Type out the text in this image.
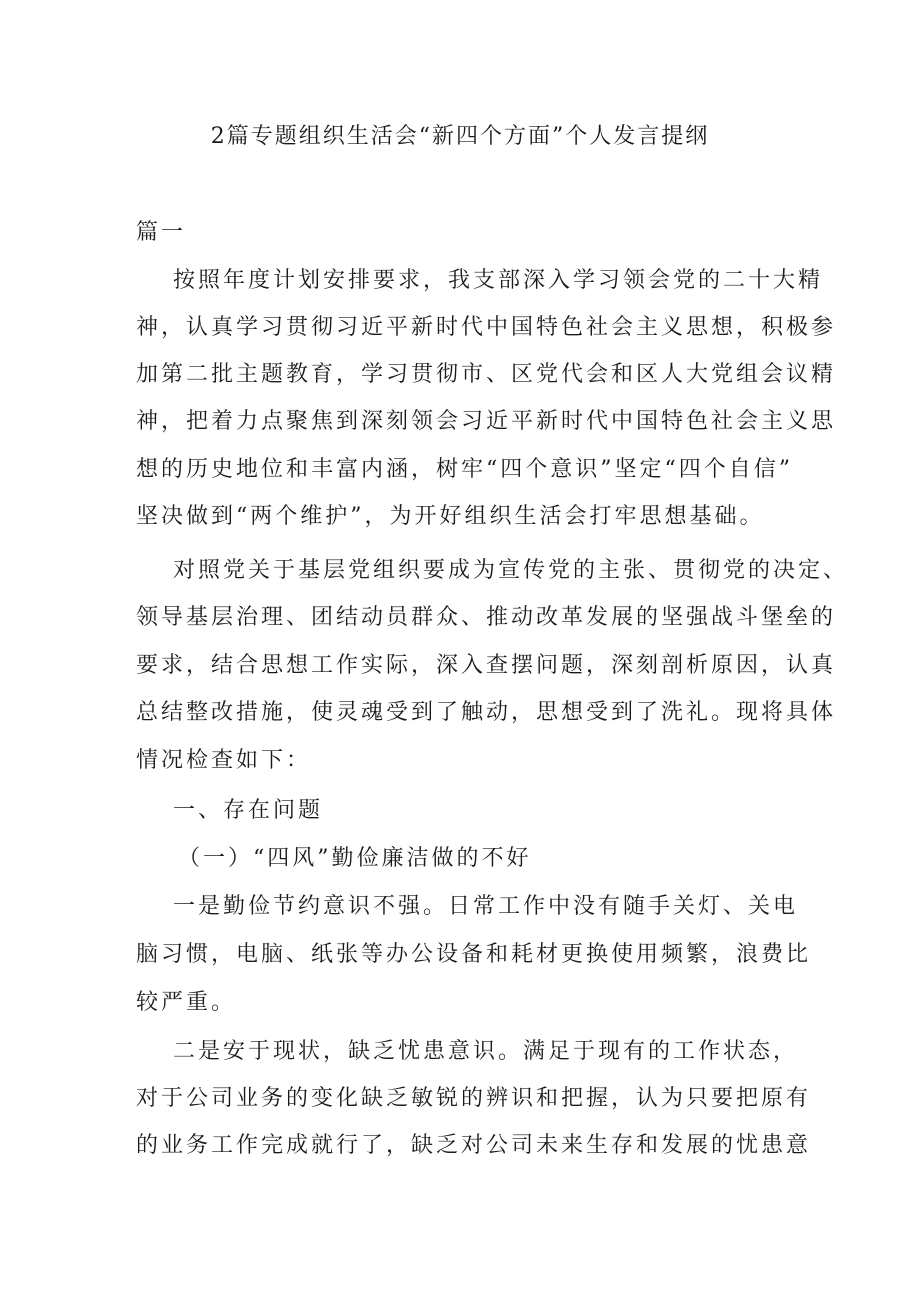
2篇专题组织生活会“新四个方面”个人发言提纲
篇一
按照年度计划安排要求，我支部深入学习领会党的二十大精
神，认真学习贯彻习近平新时代中国特色社会主义思想，积极参
加第二批主题教育，学习贯彻市、区党代会和区人大党组会议精
神，把着力点聚焦到深刻领会习近平新时代中国特色社会主义思
想的历史地位和丰富内涵，树牢“四个意识”坚定“四个自信”
坚决做到“两个维护”，为开好组织生活会打牢思想基础。
对照党关于基层党组织要成为宣传党的主张、贯彻党的决定、
领导基层治理、团结动员群众、推动改革发展的坚强战斗堡垒的
要求，结合思想工作实际，深入查摆问题，深刻剖析原因，认真
总结整改措施，使灵魂受到了触动，思想受到了洗礼。现将具体
情况检查如下：
一、存在问题
（一）“四风”勤俭廉洁做的不好
一是勤俭节约意识不强。日常工作中没有随手关灯、关电
脑习惯，电脑、纸张等办公设备和耗材更换使用频繁，浪费比
较严重。
二是安于现状，缺乏忧患意识。满足于现有的工作状态，
对于公司业务的变化缺乏敏锐的辨识和把握，认为只要把原有
的业务工作完成就行了，缺乏对公司未来生存和发展的忧患意
